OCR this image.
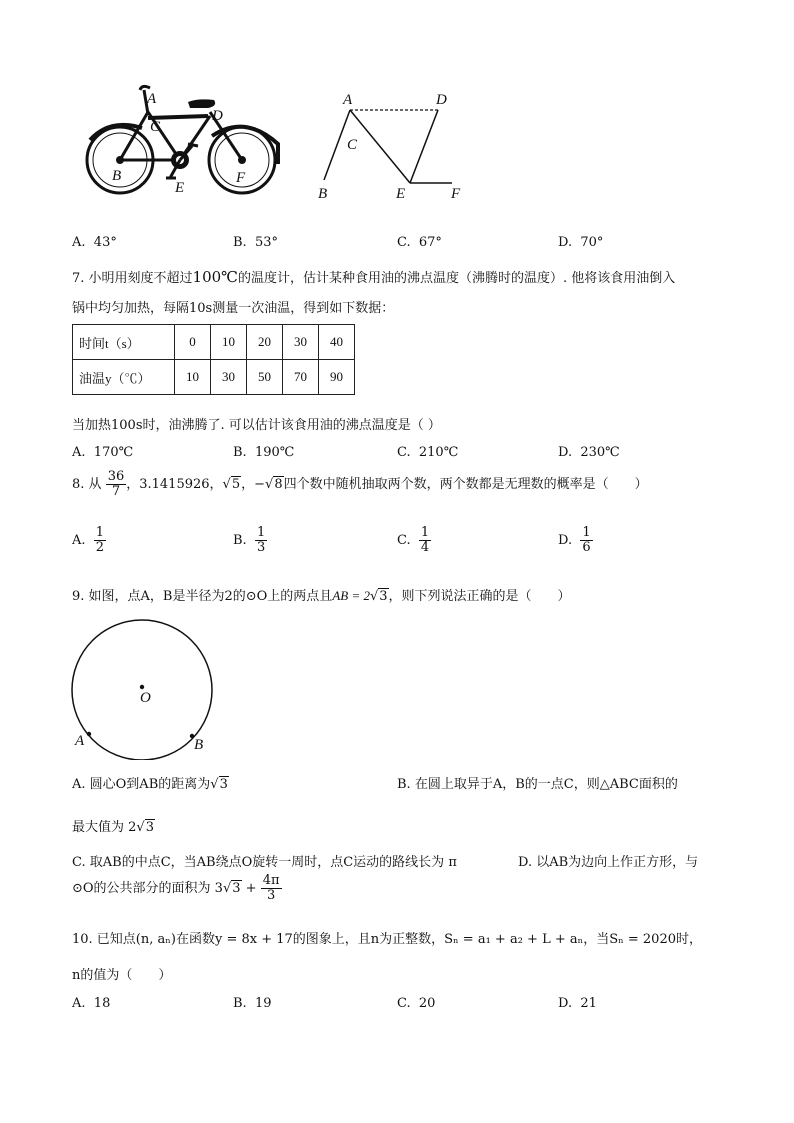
A
C
D
B
E
F
A	D
C
B	E	F
A. 43°	B. 53°	C. 67°	D. 70°
7. 小明用刻度不超过100℃的温度计，估计某种食用油的沸点温度（沸腾时的温度）. 他将该食用油倒入
锅中均匀加热，每隔10s测量一次油温，得到如下数据：
时间t（s）	0	10	20	30	40
油温y（℃）	10	30	50	70	90
当加热100s时，油沸腾了. 可以估计该食用油的沸点温度是（ ）
A. 170℃	B. 190℃	C. 210℃	D. 230℃
8. 从 $\frac{36}{7}$ ，3.1415926，√5，−√8四个数中随机抽取两个数，两个数都是无理数的概率是（　　）
A. $\frac{1}{2}$	B. $\frac{1}{3}$	C. $\frac{1}{4}$	D. $\frac{1}{6}$
9. 如图，点A，B是半径为2的⊙O上的两点且AB = 2√3，则下列说法正确的是（　　）
O
A	B
A. 圆心O到AB的距离为√3	B. 在圆上取异于A，B的一点C，则△ABC面积的
最大值为 2√3
C. 取AB的中点C，当AB绕点O旋转一周时，点C运动的路线长为 π	D. 以AB为边向上作正方形，与
⊙O的公共部分的面积为 $3√3 + \frac{4\pi}{3}$
10. 已知点(n, aₙ)在函数y = 8x + 17的图象上，且n为正整数，Sₙ = a₁ + a₂ + L + aₙ，当Sₙ = 2020时，
n的值为（　　）
A. 18	B. 19	C. 20	D. 21
